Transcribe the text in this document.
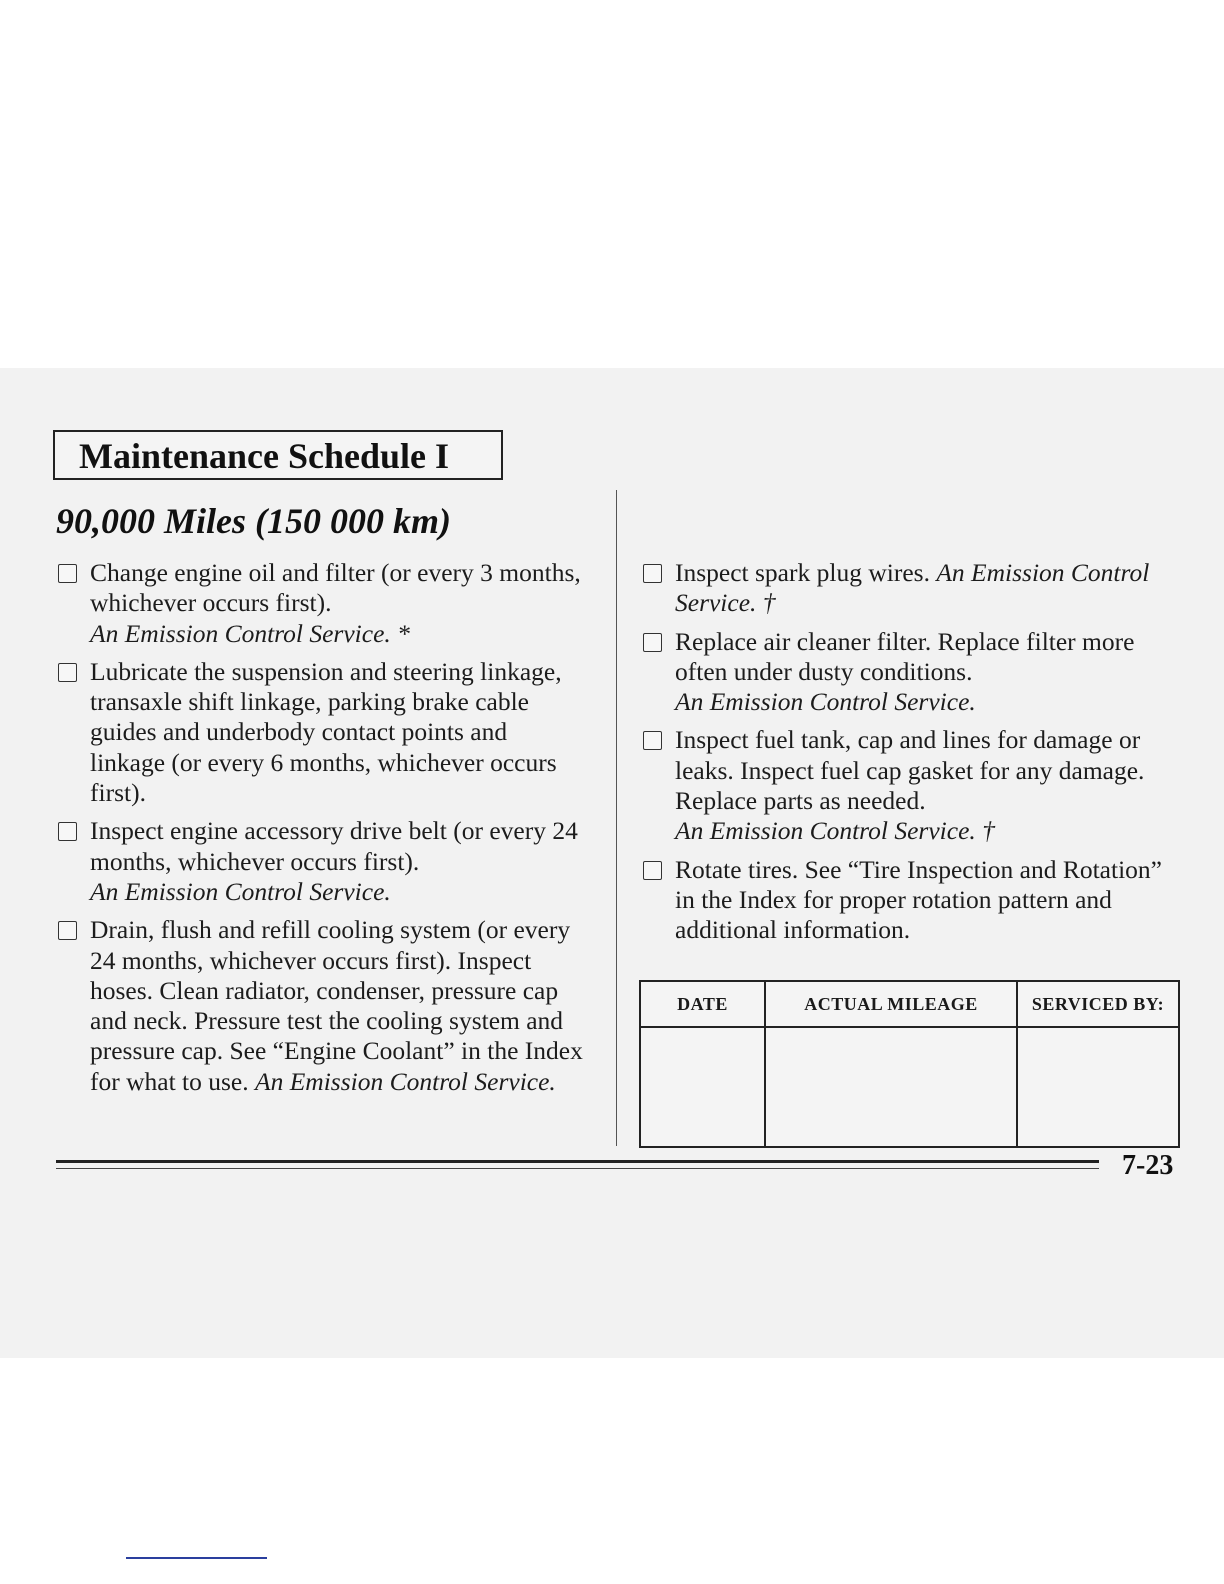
Maintenance Schedule I
90,000 Miles (150 000 km)
Change engine oil and filter (or every 3 months, whichever occurs first).
An Emission Control Service. *
Lubricate the suspension and steering linkage, transaxle shift linkage, parking brake cable guides and underbody contact points and linkage (or every 6 months, whichever occurs first).
Inspect engine accessory drive belt (or every 24 months, whichever occurs first).
An Emission Control Service.
Drain, flush and refill cooling system (or every 24 months, whichever occurs first). Inspect hoses. Clean radiator, condenser, pressure cap and neck. Pressure test the cooling system and pressure cap. See “Engine Coolant” in the Index for what to use. An Emission Control Service.
Inspect spark plug wires. An Emission Control Service. †
Replace air cleaner filter. Replace filter more often under dusty conditions.
An Emission Control Service.
Inspect fuel tank, cap and lines for damage or leaks. Inspect fuel cap gasket for any damage. Replace parts as needed.
An Emission Control Service. †
Rotate tires. See “Tire Inspection and Rotation” in the Index for proper rotation pattern and additional information.
DATE	ACTUAL MILEAGE	SERVICED BY:

7-23
